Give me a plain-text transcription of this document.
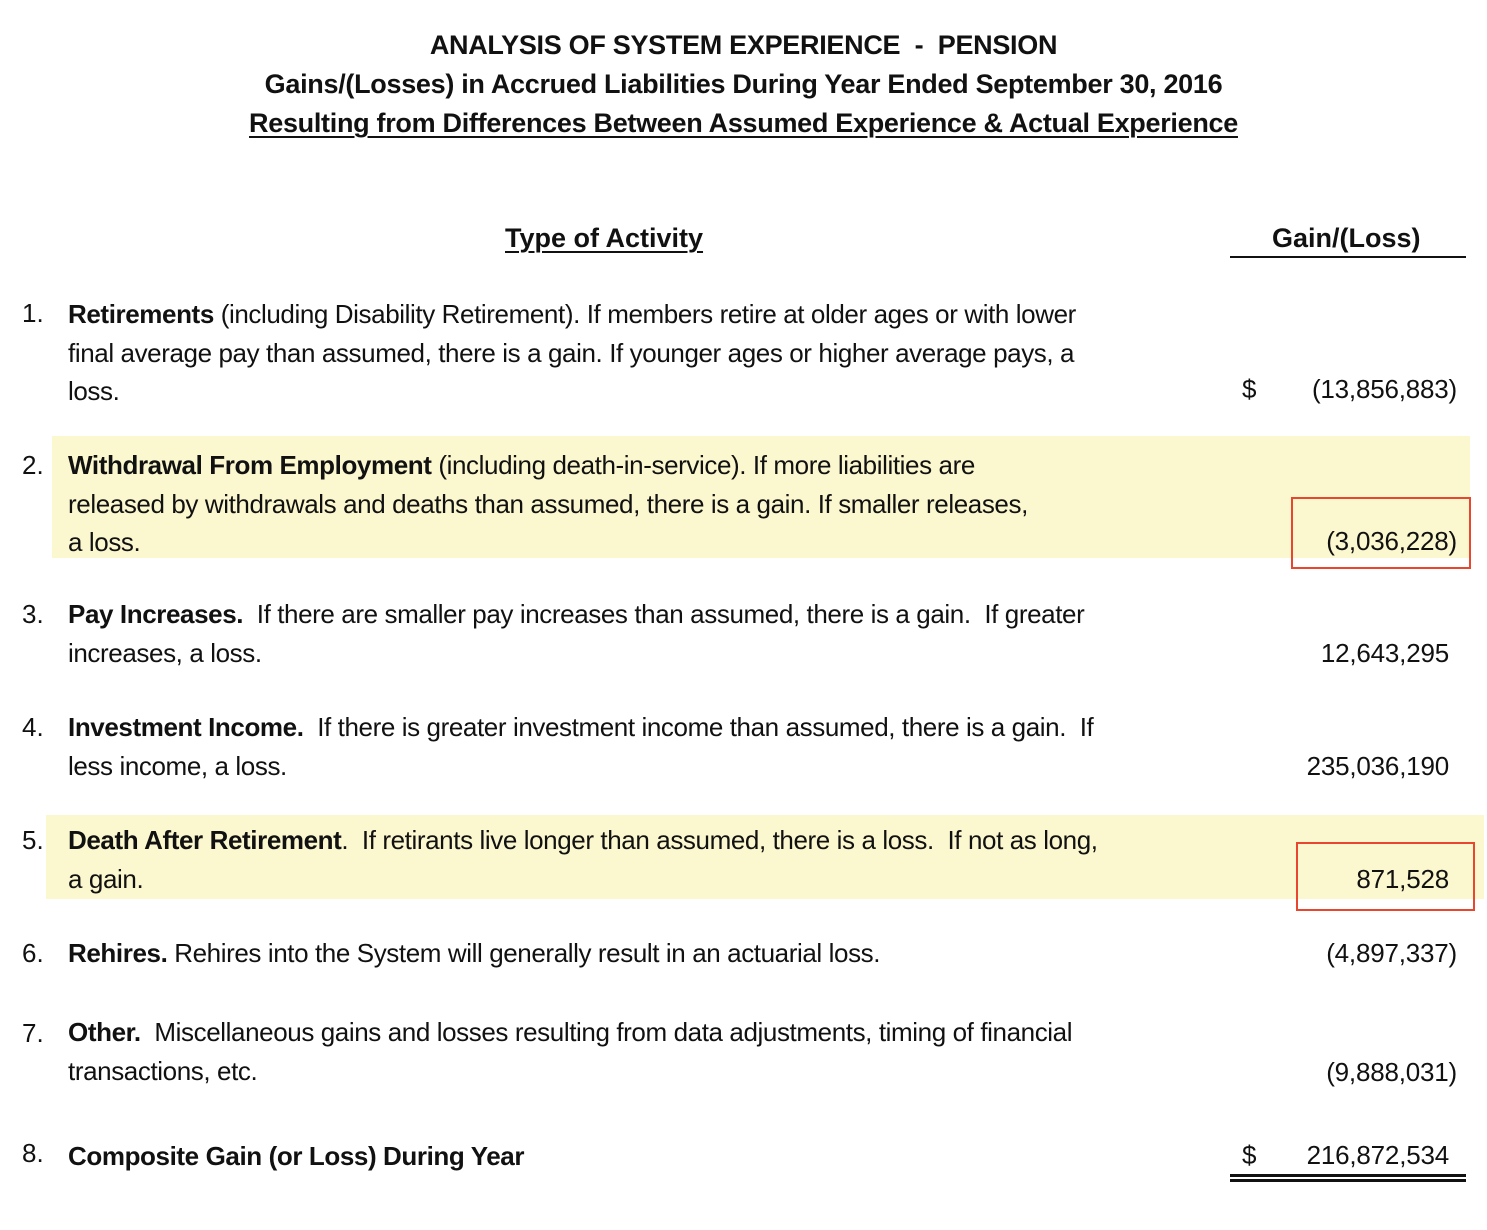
ANALYSIS OF SYSTEM EXPERIENCE  -  PENSION
Gains/(Losses) in Accrued Liabilities During Year Ended September 30, 2016
Resulting from Differences Between Assumed Experience & Actual Experience
Type of Activity	Gain/(Loss)
1. Retirements (including Disability Retirement). If members retire at older ages or with lower
final average pay than assumed, there is a gain. If younger ages or higher average pays, a
loss.	$ (13,856,883)
2. Withdrawal From Employment (including death-in-service). If more liabilities are
released by withdrawals and deaths than assumed, there is a gain. If smaller releases,
a loss.	(3,036,228)
3. Pay Increases.  If there are smaller pay increases than assumed, there is a gain.  If greater
increases, a loss.	12,643,295
4. Investment Income.  If there is greater investment income than assumed, there is a gain.  If
less income, a loss.	235,036,190
5. Death After Retirement.  If retirants live longer than assumed, there is a loss.  If not as long,
a gain.	871,528
6. Rehires. Rehires into the System will generally result in an actuarial loss.	(4,897,337)
7. Other.  Miscellaneous gains and losses resulting from data adjustments, timing of financial
transactions, etc.	(9,888,031)
8. Composite Gain (or Loss) During Year	$ 216,872,534
